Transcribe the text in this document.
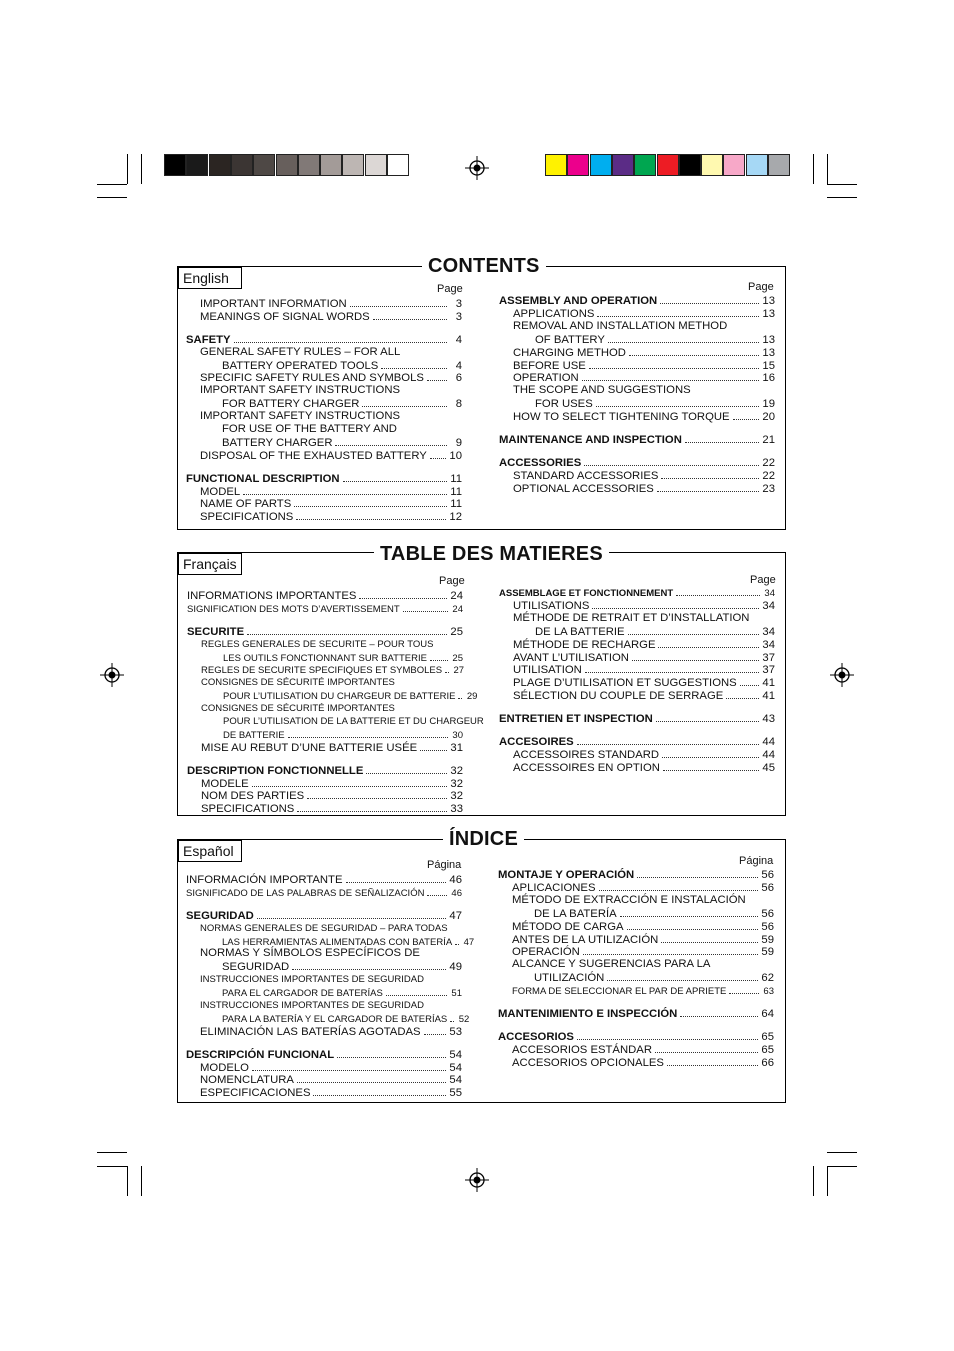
CONTENTS
English
Page	Page
IMPORTANT INFORMATION	3
MEANINGS OF SIGNAL WORDS	3
SAFETY	4
GENERAL SAFETY RULES – FOR ALL
BATTERY OPERATED TOOLS	4
SPECIFIC SAFETY RULES AND SYMBOLS	6
IMPORTANT SAFETY INSTRUCTIONS
FOR BATTERY CHARGER	8
IMPORTANT SAFETY INSTRUCTIONS
FOR USE OF THE BATTERY AND
BATTERY CHARGER	9
DISPOSAL OF THE EXHAUSTED BATTERY 10
FUNCTIONAL DESCRIPTION	11
MODEL	11
NAME OF PARTS	11
SPECIFICATIONS	12
ASSEMBLY AND OPERATION	13
APPLICATIONS	13
REMOVAL AND INSTALLATION METHOD
OF BATTERY	13
CHARGING METHOD	13
BEFORE USE	15
OPERATION	16
THE SCOPE AND SUGGESTIONS
FOR USES	19
HOW TO SELECT TIGHTENING TORQUE	20
MAINTENANCE AND INSPECTION	21
ACCESSORIES	22
STANDARD ACCESSORIES	22
OPTIONAL ACCESSORIES	23
TABLE DES MATIERES
Français
Page	Page
INFORMATIONS IMPORTANTES	24
SIGNIFICATION DES MOTS D’AVERTISSEMENT	24
SECURITE	25
REGLES GENERALES DE SECURITE – POUR TOUS
LES OUTILS FONCTIONNANT SUR BATTERIE	25
REGLES DE SECURITE SPECIFIQUES ET SYMBOLES 27
CONSIGNES DE SÉCURITÉ IMPORTANTES
POUR L’UTILISATION DU CHARGEUR DE BATTERIE 29
CONSIGNES DE SÉCURITÉ IMPORTANTES
POUR L’UTILISATION DE LA BATTERIE ET DU CHARGEUR
DE BATTERIE	30
MISE AU REBUT D’UNE BATTERIE USÉE	31
DESCRIPTION FONCTIONNELLE	32
MODELE	32
NOM DES PARTIES	32
SPECIFICATIONS	33
ASSEMBLAGE ET FONCTIONNEMENT	34
UTILISATIONS	34
MÉTHODE DE RETRAIT ET D’INSTALLATION
DE LA BATTERIE	34
MÉTHODE DE RECHARGE	34
AVANT L’UTILISATION	37
UTILISATION	37
PLAGE D’UTILISATION ET SUGGESTIONS 41
SÉLECTION DU COUPLE DE SERRAGE	41
ENTRETIEN ET INSPECTION	43
ACCESOIRES	44
ACCESSOIRES STANDARD	44
ACCESSOIRES EN OPTION	45
ÍNDICE
Español
Página	Página
INFORMACIÓN IMPORTANTE	46
SIGNIFICADO DE LAS PALABRAS DE SEÑALIZACIÓN	46
SEGURIDAD	47
NORMAS GENERALES DE SEGURIDAD – PARA TODAS
LAS HERRAMIENTAS ALIMENTADAS CON BATERÍA 47
NORMAS Y SÍMBOLOS ESPECÍFICOS DE
SEGURIDAD	49
INSTRUCCIONES IMPORTANTES DE SEGURIDAD
PARA EL CARGADOR DE BATERÍAS	51
INSTRUCCIONES IMPORTANTES DE SEGURIDAD
PARA LA BATERÍA Y EL CARGADOR DE BATERÍAS 52
ELIMINACIÓN LAS BATERÍAS AGOTADAS	53
DESCRIPCIÓN FUNCIONAL	54
MODELO	54
NOMENCLATURA	54
ESPECIFICACIONES	55
MONTAJE Y OPERACIÓN	56
APLICACIONES	56
MÉTODO DE EXTRACCIÓN E INSTALACIÓN
DE LA BATERÍA	56
MÉTODO DE CARGA	56
ANTES DE LA UTILIZACIÓN	59
OPERACIÓN	59
ALCANCE Y SUGERENCIAS PARA LA
UTILIZACIÓN	62
FORMA DE SELECCIONAR EL PAR DE APRIETE	63
MANTENIMIENTO E INSPECCIÓN	64
ACCESORIOS	65
ACCESORIOS ESTÁNDAR	65
ACCESORIOS OPCIONALES	66
